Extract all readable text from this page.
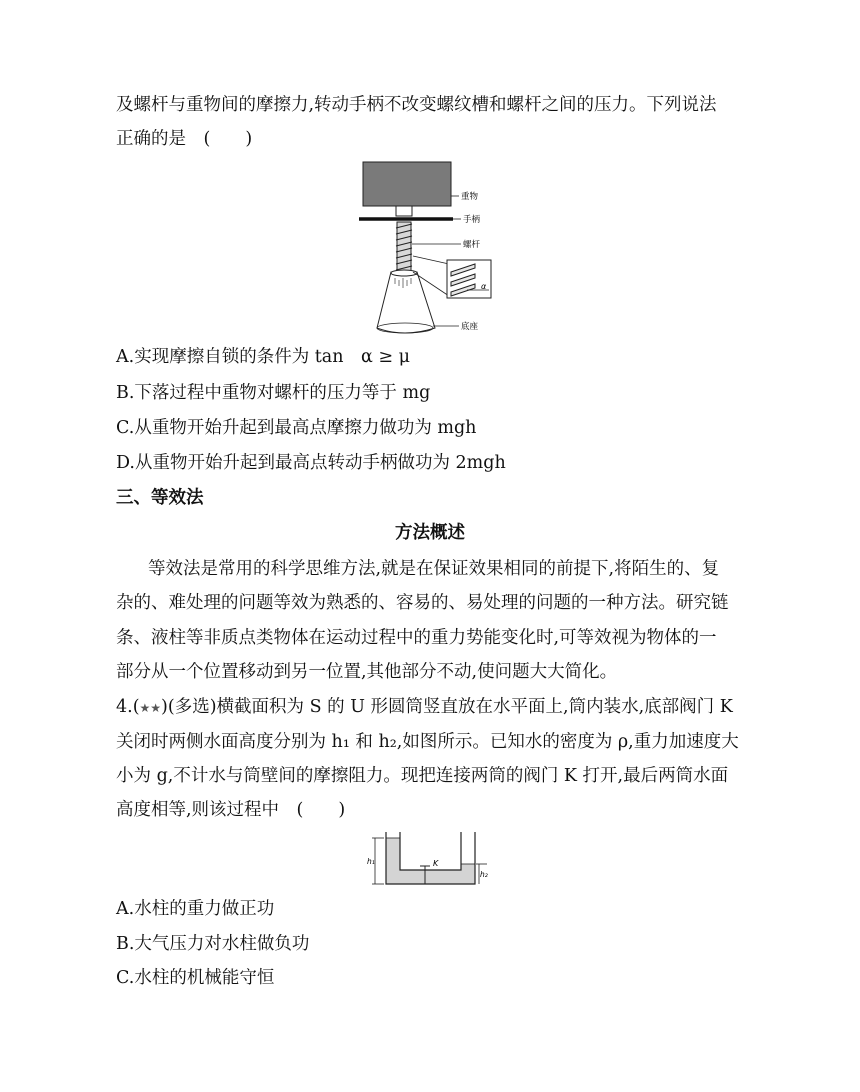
及螺杆与重物间的摩擦力,转动手柄不改变螺纹槽和螺杆之间的压力。下列说法
正确的是　(　　)
α
重物
手柄
螺杆
底座
A.实现摩擦自锁的条件为 tan　α ≥ μ
B.下落过程中重物对螺杆的压力等于 mg
C.从重物开始升起到最高点摩擦力做功为 mgh
D.从重物开始升起到最高点转动手柄做功为 2mgh
三、等效法
方法概述
等效法是常用的科学思维方法,就是在保证效果相同的前提下,将陌生的、复
杂的、难处理的问题等效为熟悉的、容易的、易处理的问题的一种方法。研究链
条、液柱等非质点类物体在运动过程中的重力势能变化时,可等效视为物体的一
部分从一个位置移动到另一位置,其他部分不动,使问题大大简化。
4.(★★)(多选)横截面积为 S 的 U 形圆筒竖直放在水平面上,筒内装水,底部阀门 K
关闭时两侧水面高度分别为 h₁ 和 h₂,如图所示。已知水的密度为 ρ,重力加速度大
小为 g,不计水与筒壁间的摩擦阻力。现把连接两筒的阀门 K 打开,最后两筒水面
高度相等,则该过程中　(　　)
K
h₁
h₂
A.水柱的重力做正功
B.大气压力对水柱做负功
C.水柱的机械能守恒
